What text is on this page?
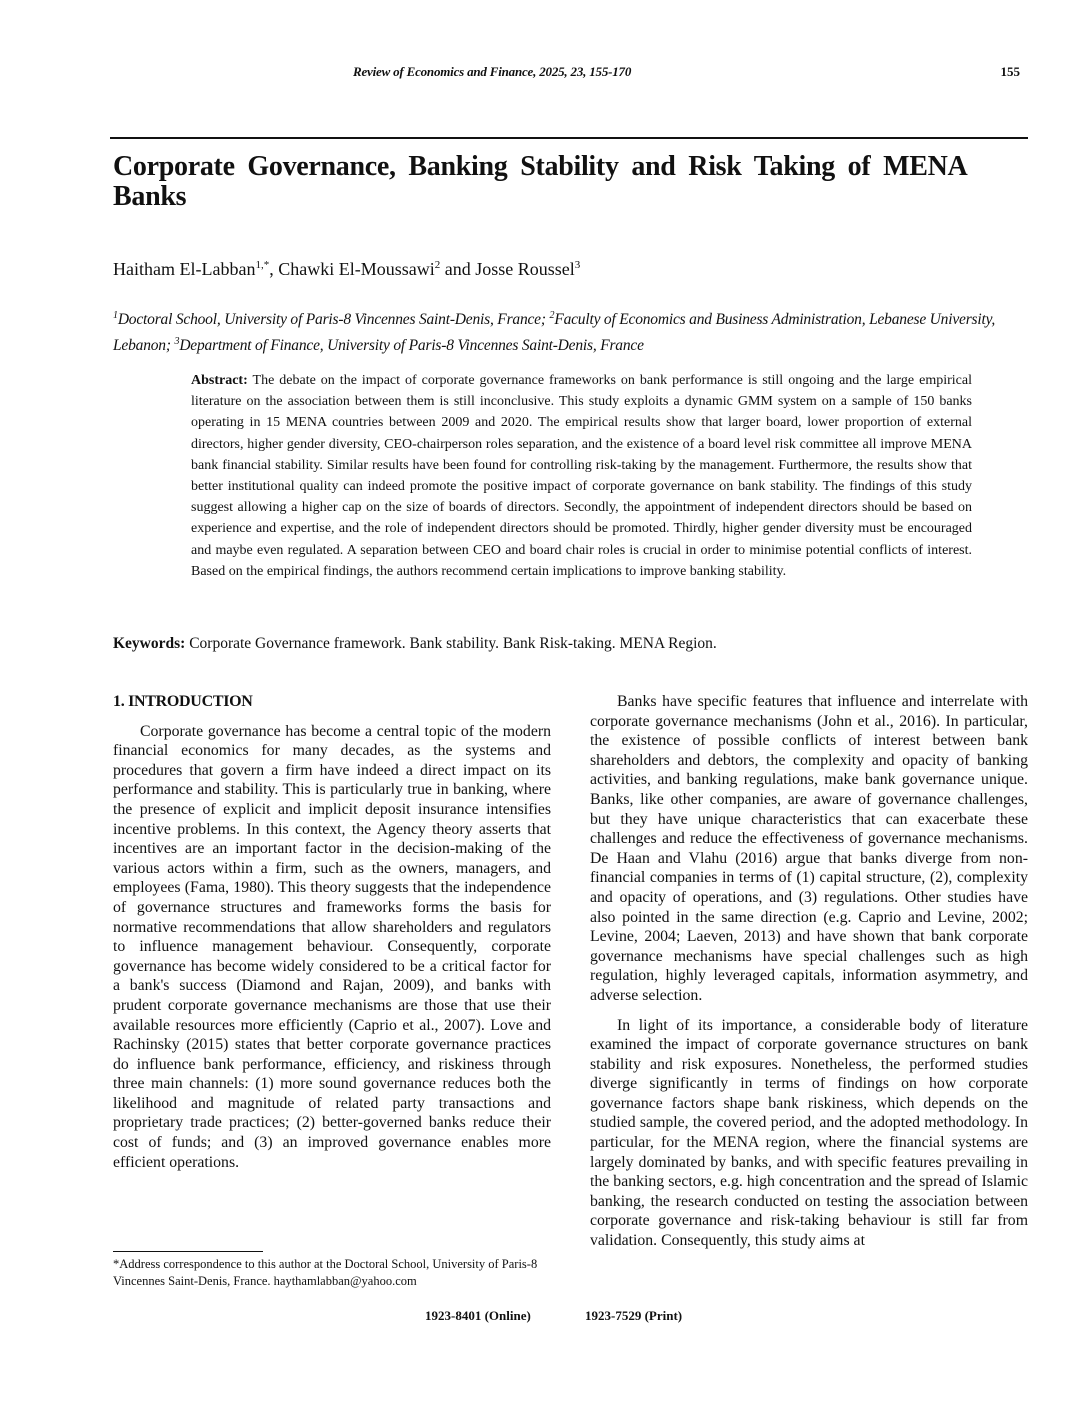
Review of Economics and Finance, 2025, 23, 155-170	155
Corporate Governance, Banking Stability and Risk Taking of MENA Banks
Haitham El-Labban$^{1,*}$, Chawki El-Moussawi$^2$ and Josse Roussel$^3$
$^1$Doctoral School, University of Paris-8 Vincennes Saint-Denis, France; $^2$Faculty of Economics and Business Administration, Lebanese University, Lebanon; $^3$Department of Finance, University of Paris-8 Vincennes Saint-Denis, France
Abstract: The debate on the impact of corporate governance frameworks on bank performance is still ongoing and the large empirical literature on the association between them is still inconclusive. This study exploits a dynamic GMM system on a sample of 150 banks operating in 15 MENA countries between 2009 and 2020. The empirical results show that larger board, lower proportion of external directors, higher gender diversity, CEO-chairperson roles separation, and the existence of a board level risk committee all improve MENA bank financial stability. Similar results have been found for controlling risk-taking by the management. Furthermore, the results show that better institutional quality can indeed promote the positive impact of corporate governance on bank stability. The findings of this study suggest allowing a higher cap on the size of boards of directors. Secondly, the appointment of independent directors should be based on experience and expertise, and the role of independent directors should be promoted. Thirdly, higher gender diversity must be encouraged and maybe even regulated. A separation between CEO and board chair roles is crucial in order to minimise potential conflicts of interest. Based on the empirical findings, the authors recommend certain implications to improve banking stability.
Keywords: Corporate Governance framework. Bank stability. Bank Risk-taking. MENA Region.
1. INTRODUCTION

Corporate governance has become a central topic of the modern financial economics for many decades, as the systems and procedures that govern a firm have indeed a direct impact on its performance and stability. This is particularly true in banking, where the presence of explicit and implicit deposit insurance intensifies incentive problems. In this context, the Agency theory asserts that incentives are an important factor in the decision-making of the various actors within a firm, such as the owners, managers, and employees (Fama, 1980). This theory suggests that the independence of governance structures and frameworks forms the basis for normative recommendations that allow shareholders and regulators to influence management behaviour. Consequently, corporate governance has become widely considered to be a critical factor for a bank's success (Diamond and Rajan, 2009), and banks with prudent corporate governance mechanisms are those that use their available resources more efficiently (Caprio et al., 2007). Love and Rachinsky (2015) states that better corporate governance practices do influence bank performance, efficiency, and riskiness through three main channels: (1) more sound governance reduces both the likelihood and magnitude of related party transactions and proprietary trade practices; (2) better-governed banks reduce their cost of funds; and (3) an improved governance enables more efficient operations.

Banks have specific features that influence and interrelate with corporate governance mechanisms (John et al., 2016). In particular, the existence of possible conflicts of interest between bank shareholders and debtors, the complexity and opacity of banking activities, and banking regulations, make bank governance unique. Banks, like other companies, are aware of governance challenges, but they have unique characteristics that can exacerbate these challenges and reduce the effectiveness of governance mechanisms. De Haan and Vlahu (2016) argue that banks diverge from non-financial companies in terms of (1) capital structure, (2), complexity and opacity of operations, and (3) regulations. Other studies have also pointed in the same direction (e.g. Caprio and Levine, 2002; Levine, 2004; Laeven, 2013) and have shown that bank corporate governance mechanisms have special challenges such as high regulation, highly leveraged capitals, information asymmetry, and adverse selection.

In light of its importance, a considerable body of literature examined the impact of corporate governance structures on bank stability and risk exposures. Nonetheless, the performed studies diverge significantly in terms of findings on how corporate governance factors shape bank riskiness, which depends on the studied sample, the covered period, and the adopted methodology. In particular, for the MENA region, where the financial systems are largely dominated by banks, and with specific features prevailing in the banking sectors, e.g. high concentration and the spread of Islamic banking, the research conducted on testing the association between corporate governance and risk-taking behaviour is still far from validation. Consequently, this study aims at

*Address correspondence to this author at the Doctoral School, University of Paris-8 Vincennes Saint-Denis, France. haythamlabban@yahoo.com
1923-8401 (Online)	1923-7529 (Print)
